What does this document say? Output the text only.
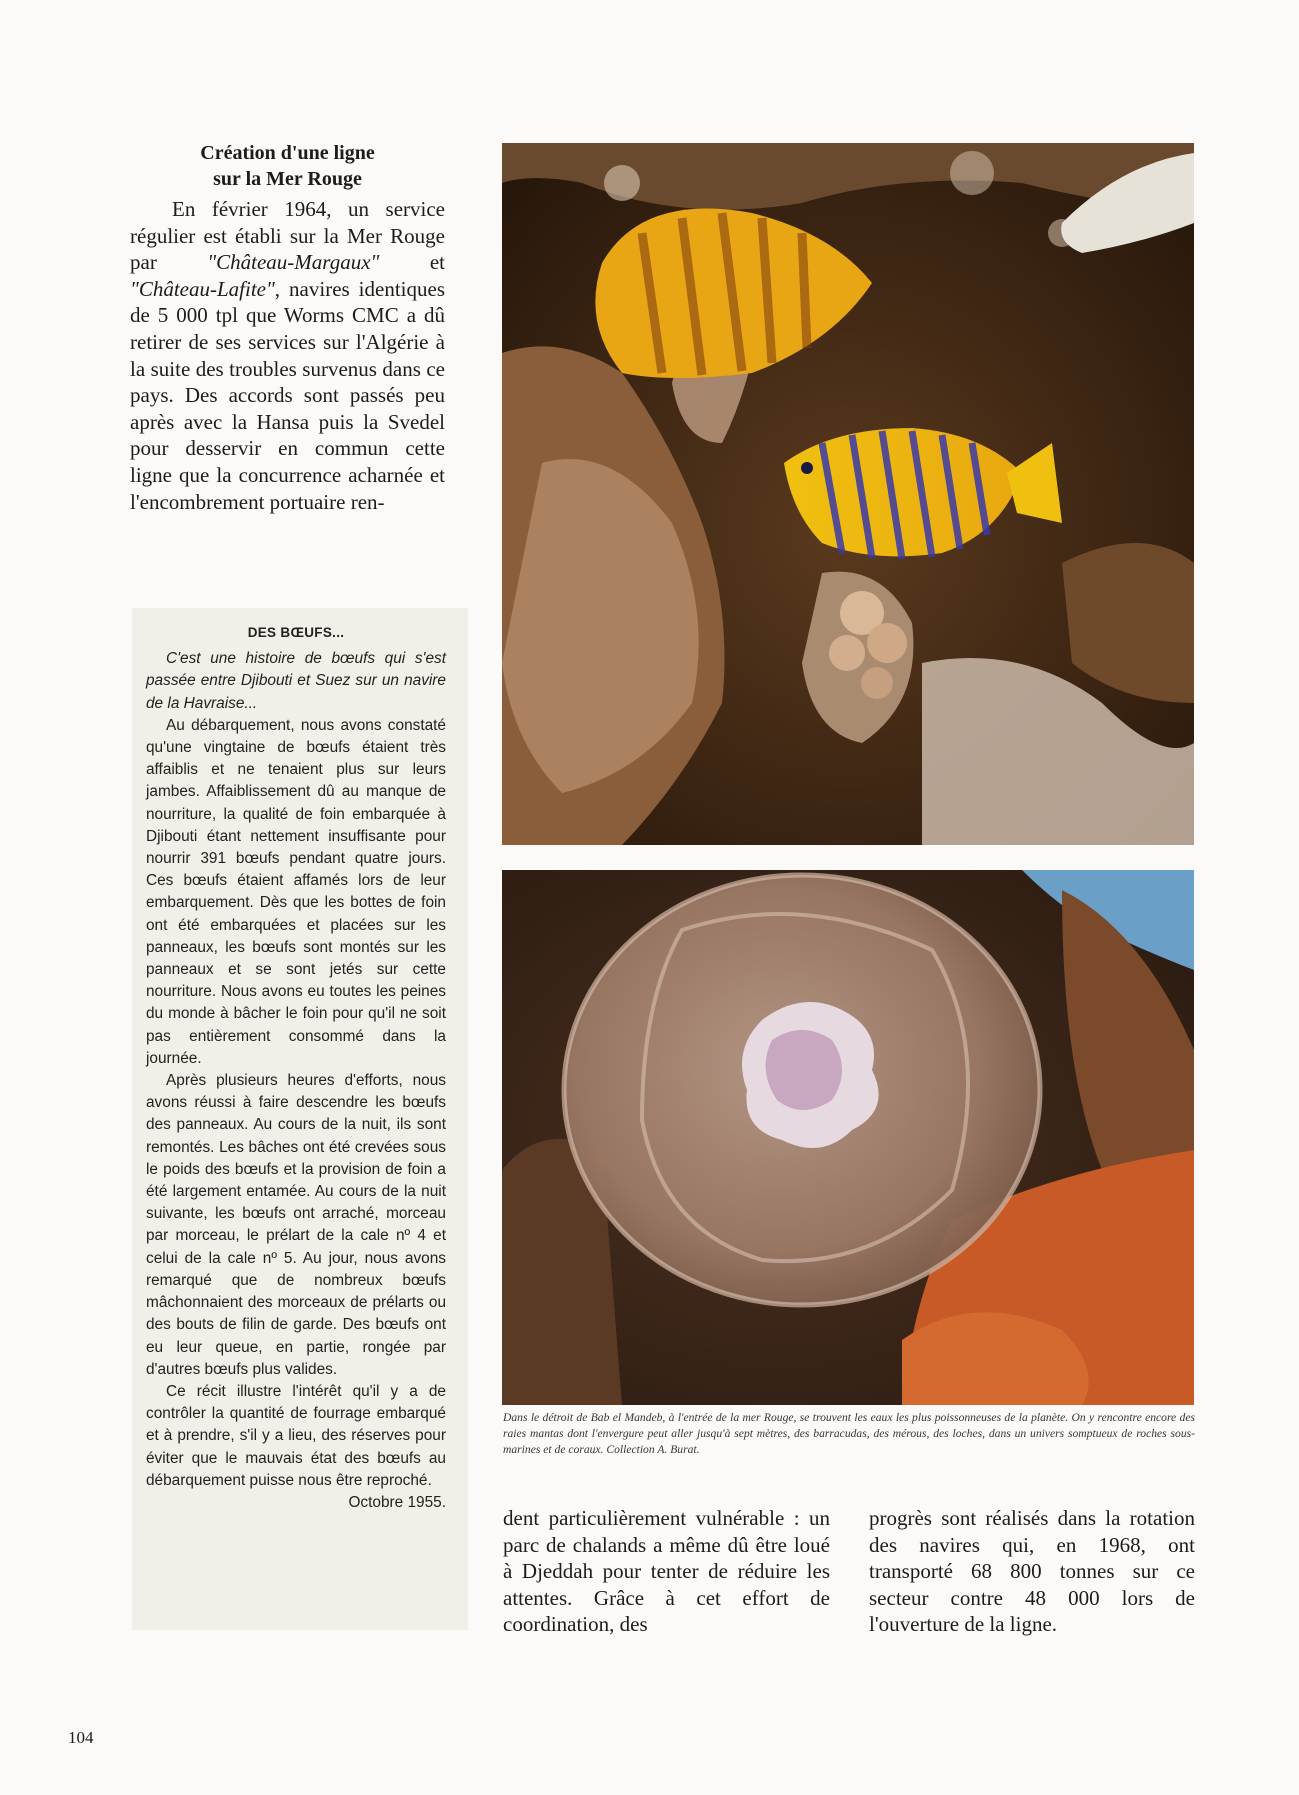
Création d'une ligne
sur la Mer Rouge

En février 1964, un service régulier est établi sur la Mer Rouge par "Château-Margaux" et "Château-Lafite", navires identiques de 5 000 tpl que Worms CMC a dû retirer de ses services sur l'Algérie à la suite des troubles survenus dans ce pays. Des accords sont passés peu après avec la Hansa puis la Svedel pour desservir en commun cette ligne que la concurrence acharnée et l'encombrement portuaire ren-

DES BŒUFS...

C'est une histoire de bœufs qui s'est passée entre Djibouti et Suez sur un navire de la Havraise...

Au débarquement, nous avons constaté qu'une vingtaine de bœufs étaient très affaiblis et ne tenaient plus sur leurs jambes. Affaiblissement dû au manque de nourriture, la qualité de foin embarquée à Djibouti étant nettement insuffisante pour nourrir 391 bœufs pendant quatre jours. Ces bœufs étaient affamés lors de leur embarquement. Dès que les bottes de foin ont été embarquées et placées sur les panneaux, les bœufs sont montés sur les panneaux et se sont jetés sur cette nourriture. Nous avons eu toutes les peines du monde à bâcher le foin pour qu'il ne soit pas entièrement consommé dans la journée.

Après plusieurs heures d'efforts, nous avons réussi à faire descendre les bœufs des panneaux. Au cours de la nuit, ils sont remontés. Les bâches ont été crevées sous le poids des bœufs et la provision de foin a été largement entamée. Au cours de la nuit suivante, les bœufs ont arraché, morceau par morceau, le prélart de la cale nº 4 et celui de la cale nº 5. Au jour, nous avons remarqué que de nombreux bœufs mâchonnaient des morceaux de prélarts ou des bouts de filin de garde. Des bœufs ont eu leur queue, en partie, rongée par d'autres bœufs plus valides.

Ce récit illustre l'intérêt qu'il y a de contrôler la quantité de fourrage embarqué et à prendre, s'il y a lieu, des réserves pour éviter que le mauvais état des bœufs au débarquement puisse nous être reproché.

Octobre 1955.

Dans le détroit de Bab el Mandeb, à l'entrée de la mer Rouge, se trouvent les eaux les plus poissonneuses de la planète. On y rencontre encore des raies mantas dont l'envergure peut aller jusqu'à sept mètres, des barracudas, des mérous, des loches, dans un univers somptueux de roches sous-marines et de coraux. Collection A. Burat.

dent particulièrement vulnérable : un parc de chalands a même dû être loué à Djeddah pour tenter de réduire les attentes. Grâce à cet effort de coordination, des

progrès sont réalisés dans la rotation des navires qui, en 1968, ont transporté 68 800 tonnes sur ce secteur contre 48 000 lors de l'ouverture de la ligne.

104
